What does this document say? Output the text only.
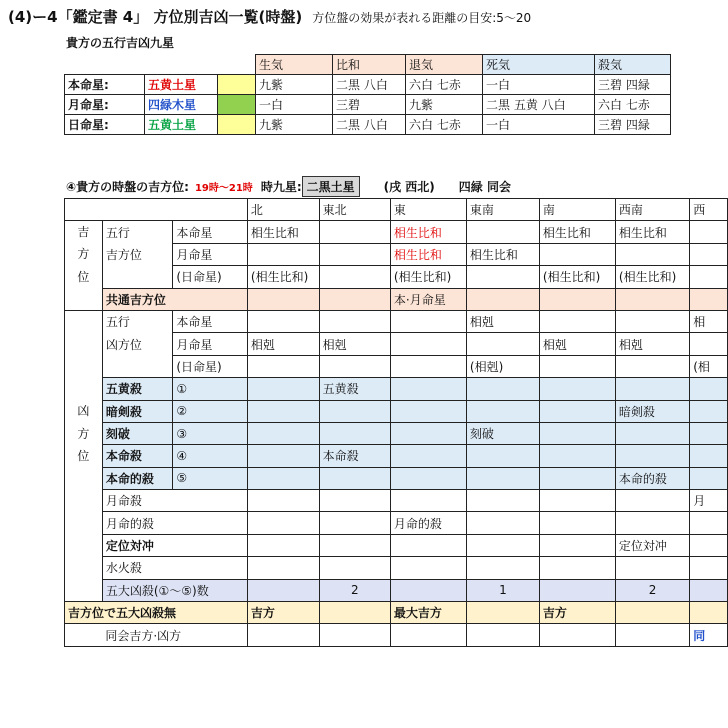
(4)ー4「鑑定書 4」 方位別吉凶一覧(時盤) 方位盤の効果が表れる距離の目安:5〜20
貴方の五行吉凶九星
			生気	比和	退気	死気	殺気
本命星:	五黄土星		九紫	二黒 八白	六白 七赤	一白	三碧 四緑
月命星:	四緑木星		一白	三碧	九紫	二黒 五黄 八白	六白 七赤
日命星:	五黄土星		九紫	二黒 八白	六白 七赤	一白	三碧 四緑
④貴方の時盤の吉方位: 19時〜21時 時九星: 二黒土星 (戌 西北) 四緑 同会
			北	東北	東	東南	南	西南	西
吉	五行	本命星	相生比和		相生比和		相生比和	相生比和	
方	吉方位	月命星			相生比和	相生比和			
位		(日命星)	(相生比和)		(相生比和)		(相生比和)	(相生比和)	
	共通吉方位				本·月命星				
	五行	本命星				相剋			相
	凶方位	月命星	相剋	相剋			相剋	相剋	
		(日命星)				(相剋)			(相
	五黄殺	①		五黄殺					
凶	暗剣殺	②						暗剣殺	
方	刻破	③				刻破			
位	本命殺	④		本命殺					
	本命的殺	⑤						本命的殺	
	月命殺								月
	月命的殺				月命的殺				
	定位対冲							定位対冲	
	水火殺								
	五大凶殺(①〜⑤)数			2		1		2	
吉方位で五大凶殺無			吉方		最大吉方		吉方		
	同会吉方·凶方								同
